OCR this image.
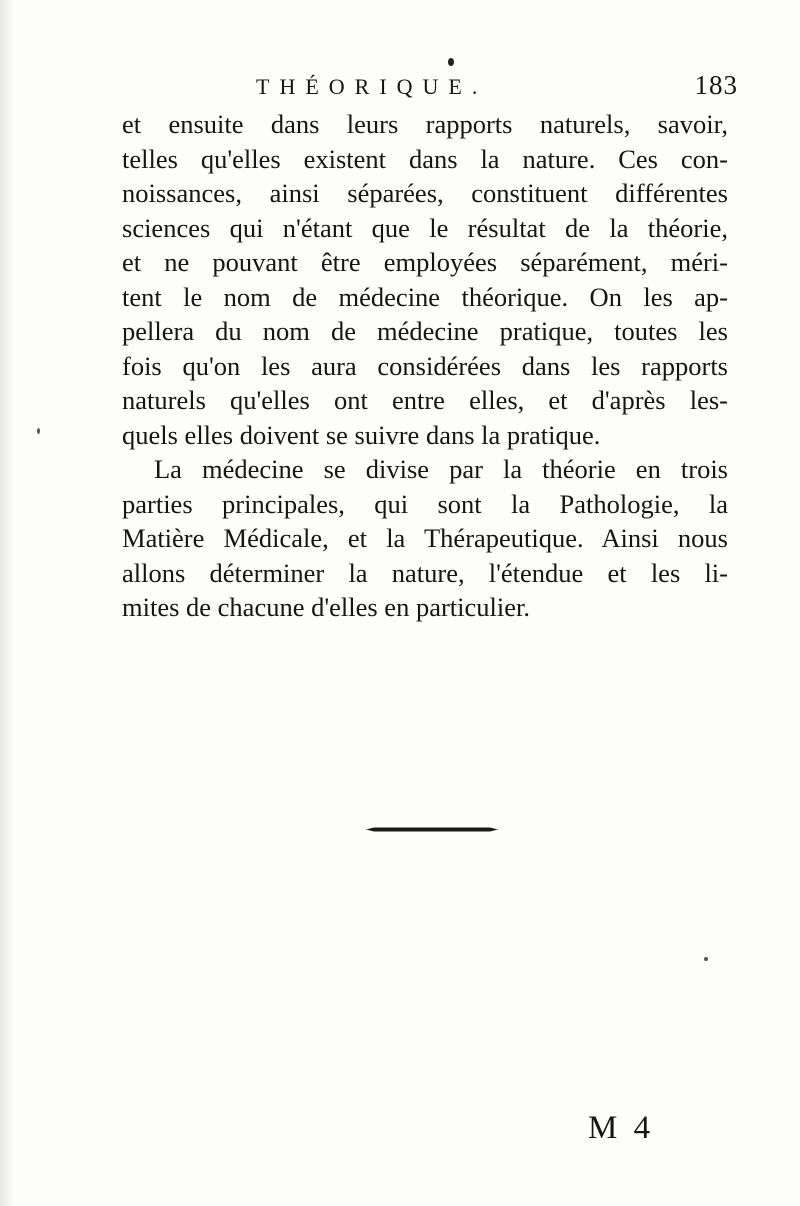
THÉORIQUE.	183
et ensuite dans leurs rapports naturels, savoir,
telles qu'elles existent dans la nature. Ces con-
noissances, ainsi séparées, constituent différentes
sciences qui n'étant que le résultat de la théorie,
et ne pouvant être employées séparément, méri-
tent le nom de médecine théorique. On les ap-
pellera du nom de médecine pratique, toutes les
fois qu'on les aura considérées dans les rapports
naturels qu'elles ont entre elles, et d'après les-
quels elles doivent se suivre dans la pratique.
La médecine se divise par la théorie en trois
parties principales, qui sont la Pathologie, la
Matière Médicale, et la Thérapeutique. Ainsi nous
allons déterminer la nature, l'étendue et les li-
mites de chacune d'elles en particulier.
M 4
